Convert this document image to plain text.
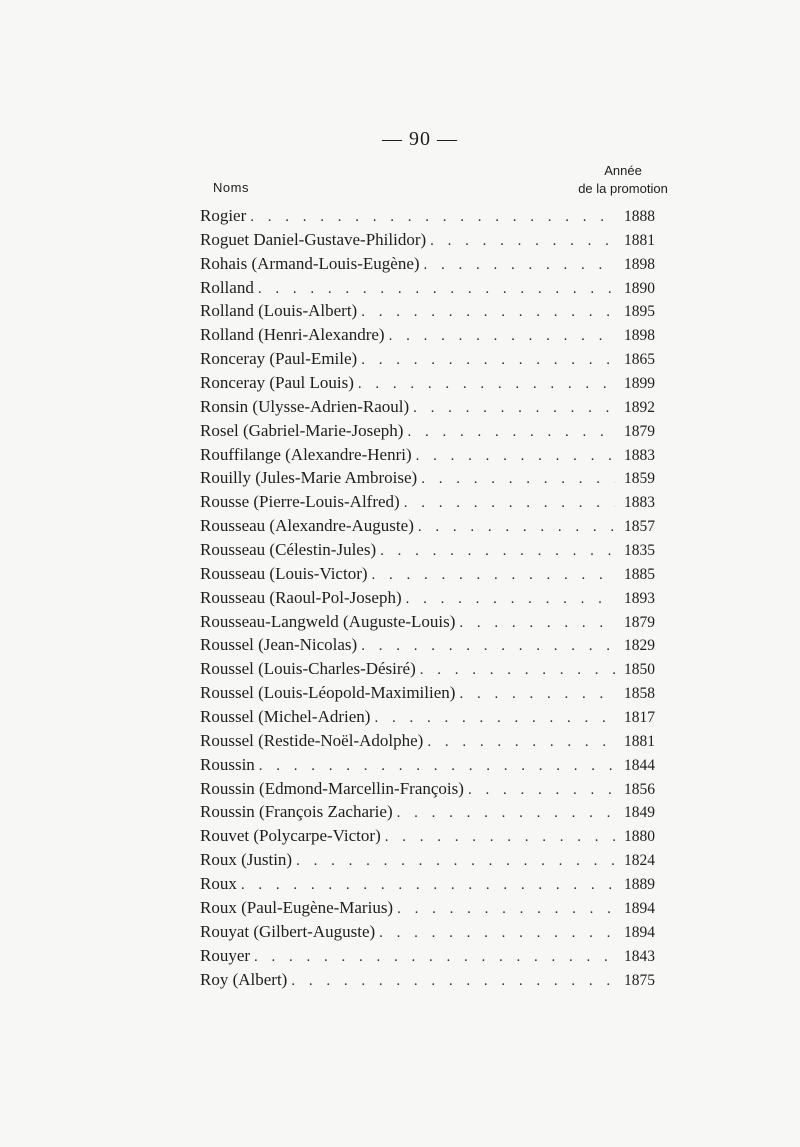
— 90 —
Noms
Année
de la promotion
Rogier . . .	1888
Roguet Daniel-Gustave-Philidor) . . .	1881
Rohais (Armand-Louis-Eugène) . . .	1898
Rolland . . .	1890
Rolland (Louis-Albert) . . .	1895
Rolland (Henri-Alexandre) . . .	1898
Ronceray (Paul-Emile) . . .	1865
Ronceray (Paul Louis) . . .	1899
Ronsin (Ulysse-Adrien-Raoul) . . .	1892
Rosel (Gabriel-Marie-Joseph) . . .	1879
Rouffilange (Alexandre-Henri) . . .	1883
Rouilly (Jules-Marie Ambroise) . . .	1859
Rousse (Pierre-Louis-Alfred) . . .	1883
Rousseau (Alexandre-Auguste) . . .	1857
Rousseau (Célestin-Jules) . . .	1835
Rousseau (Louis-Victor) . . .	1885
Rousseau (Raoul-Pol-Joseph) . . .	1893
Rousseau-Langweld (Auguste-Louis) . . .	1879
Roussel (Jean-Nicolas) . . .	1829
Roussel (Louis-Charles-Désiré) . . .	1850
Roussel (Louis-Léopold-Maximilien) . . .	1858
Roussel (Michel-Adrien) . . .	1817
Roussel (Restide-Noël-Adolphe) . . .	1881
Roussin . . .	1844
Roussin (Edmond-Marcellin-François) . . .	1856
Roussin (François Zacharie) . . .	1849
Rouvet (Polycarpe-Victor) . . .	1880
Roux (Justin) . . .	1824
Roux . . .	1889
Roux (Paul-Eugène-Marius) . . .	1894
Rouyat (Gilbert-Auguste) . . .	1894
Rouyer . . .	1843
Roy (Albert) . . .	1875
